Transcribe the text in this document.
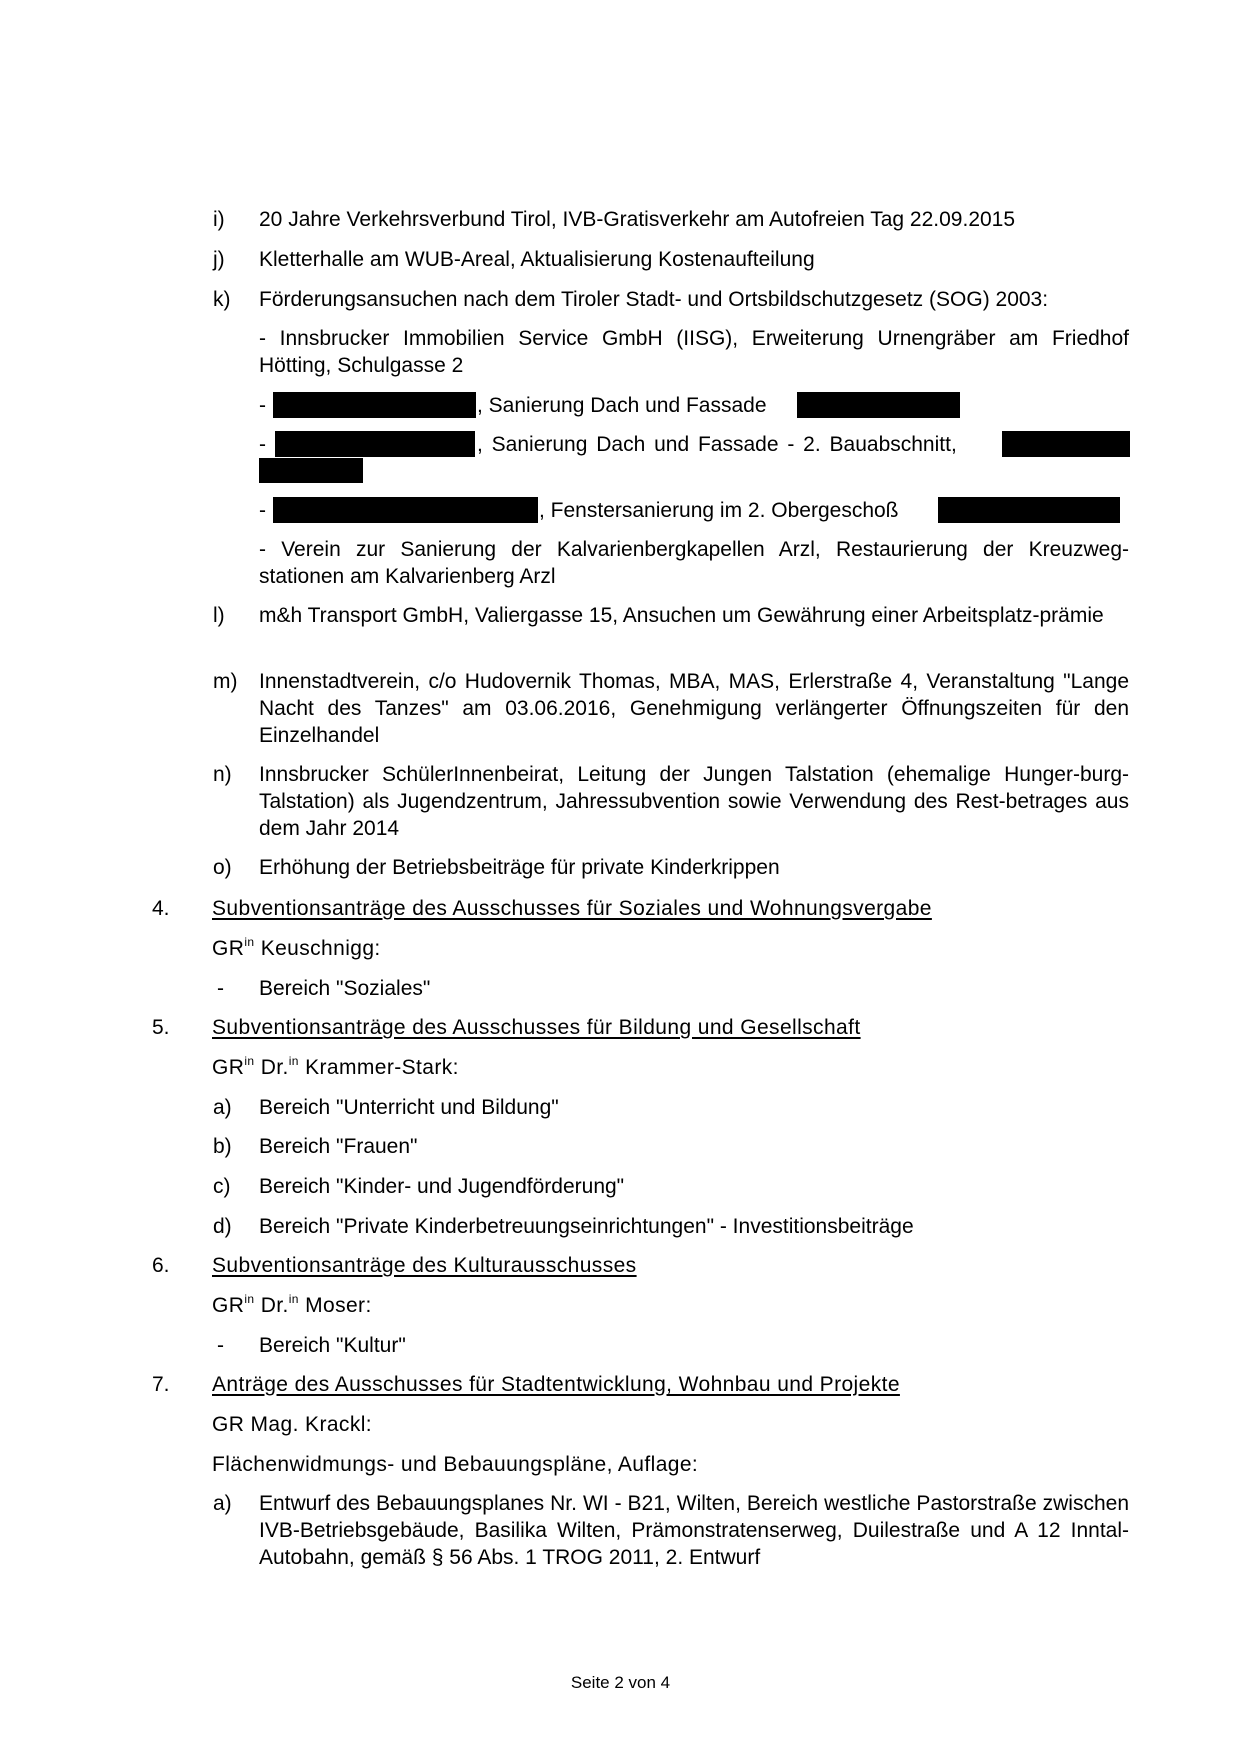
i) 20 Jahre Verkehrsverbund Tirol, IVB-Gratisverkehr am Autofreien Tag 22.09.2015
j) Kletterhalle am WUB-Areal, Aktualisierung Kostenaufteilung
k) Förderungsansuchen nach dem Tiroler Stadt- und Ortsbildschutzgesetz (SOG) 2003:
- Innsbrucker Immobilien Service GmbH (IISG), Erweiterung Urnengräber am Friedhof Hötting, Schulgasse 2
-	, Sanierung Dach und Fassade
-	, Sanierung Dach und Fassade - 2. Bauabschnitt,
-	, Fenstersanierung im 2. Obergeschoß
- Verein zur Sanierung der Kalvarienbergkapellen Arzl, Restaurierung der Kreuzweg-stationen am Kalvarienberg Arzl
l) m&h Transport GmbH, Valiergasse 15, Ansuchen um Gewährung einer Arbeitsplatz-prämie
m) Innenstadtverein, c/o Hudovernik Thomas, MBA, MAS, Erlerstraße 4, Veranstaltung "Lange Nacht des Tanzes" am 03.06.2016, Genehmigung verlängerter Öffnungszeiten für den Einzelhandel
n) Innsbrucker SchülerInnenbeirat, Leitung der Jungen Talstation (ehemalige Hunger-burg-Talstation) als Jugendzentrum, Jahressubvention sowie Verwendung des Rest-betrages aus dem Jahr 2014
o) Erhöhung der Betriebsbeiträge für private Kinderkrippen
4. Subventionsanträge des Ausschusses für Soziales und Wohnungsvergabe
$GR^{in}$ Keuschnigg:
- Bereich "Soziales"
5. Subventionsanträge des Ausschusses für Bildung und Gesellschaft
$GR^{in}$ Dr.$^{in}$ Krammer-Stark:
a) Bereich "Unterricht und Bildung"
b) Bereich "Frauen"
c) Bereich "Kinder- und Jugendförderung"
d) Bereich "Private Kinderbetreuungseinrichtungen" - Investitionsbeiträge
6. Subventionsanträge des Kulturausschusses
$GR^{in}$ Dr.$^{in}$ Moser:
- Bereich "Kultur"
7. Anträge des Ausschusses für Stadtentwicklung, Wohnbau und Projekte
GR Mag. Krackl:
Flächenwidmungs- und Bebauungspläne, Auflage:
a) Entwurf des Bebauungsplanes Nr. WI - B21, Wilten, Bereich westliche Pastorstraße zwischen IVB-Betriebsgebäude, Basilika Wilten, Prämonstratenserweg, Duilestraße und A 12 Inntal-Autobahn, gemäß § 56 Abs. 1 TROG 2011, 2. Entwurf
Seite 2 von 4
